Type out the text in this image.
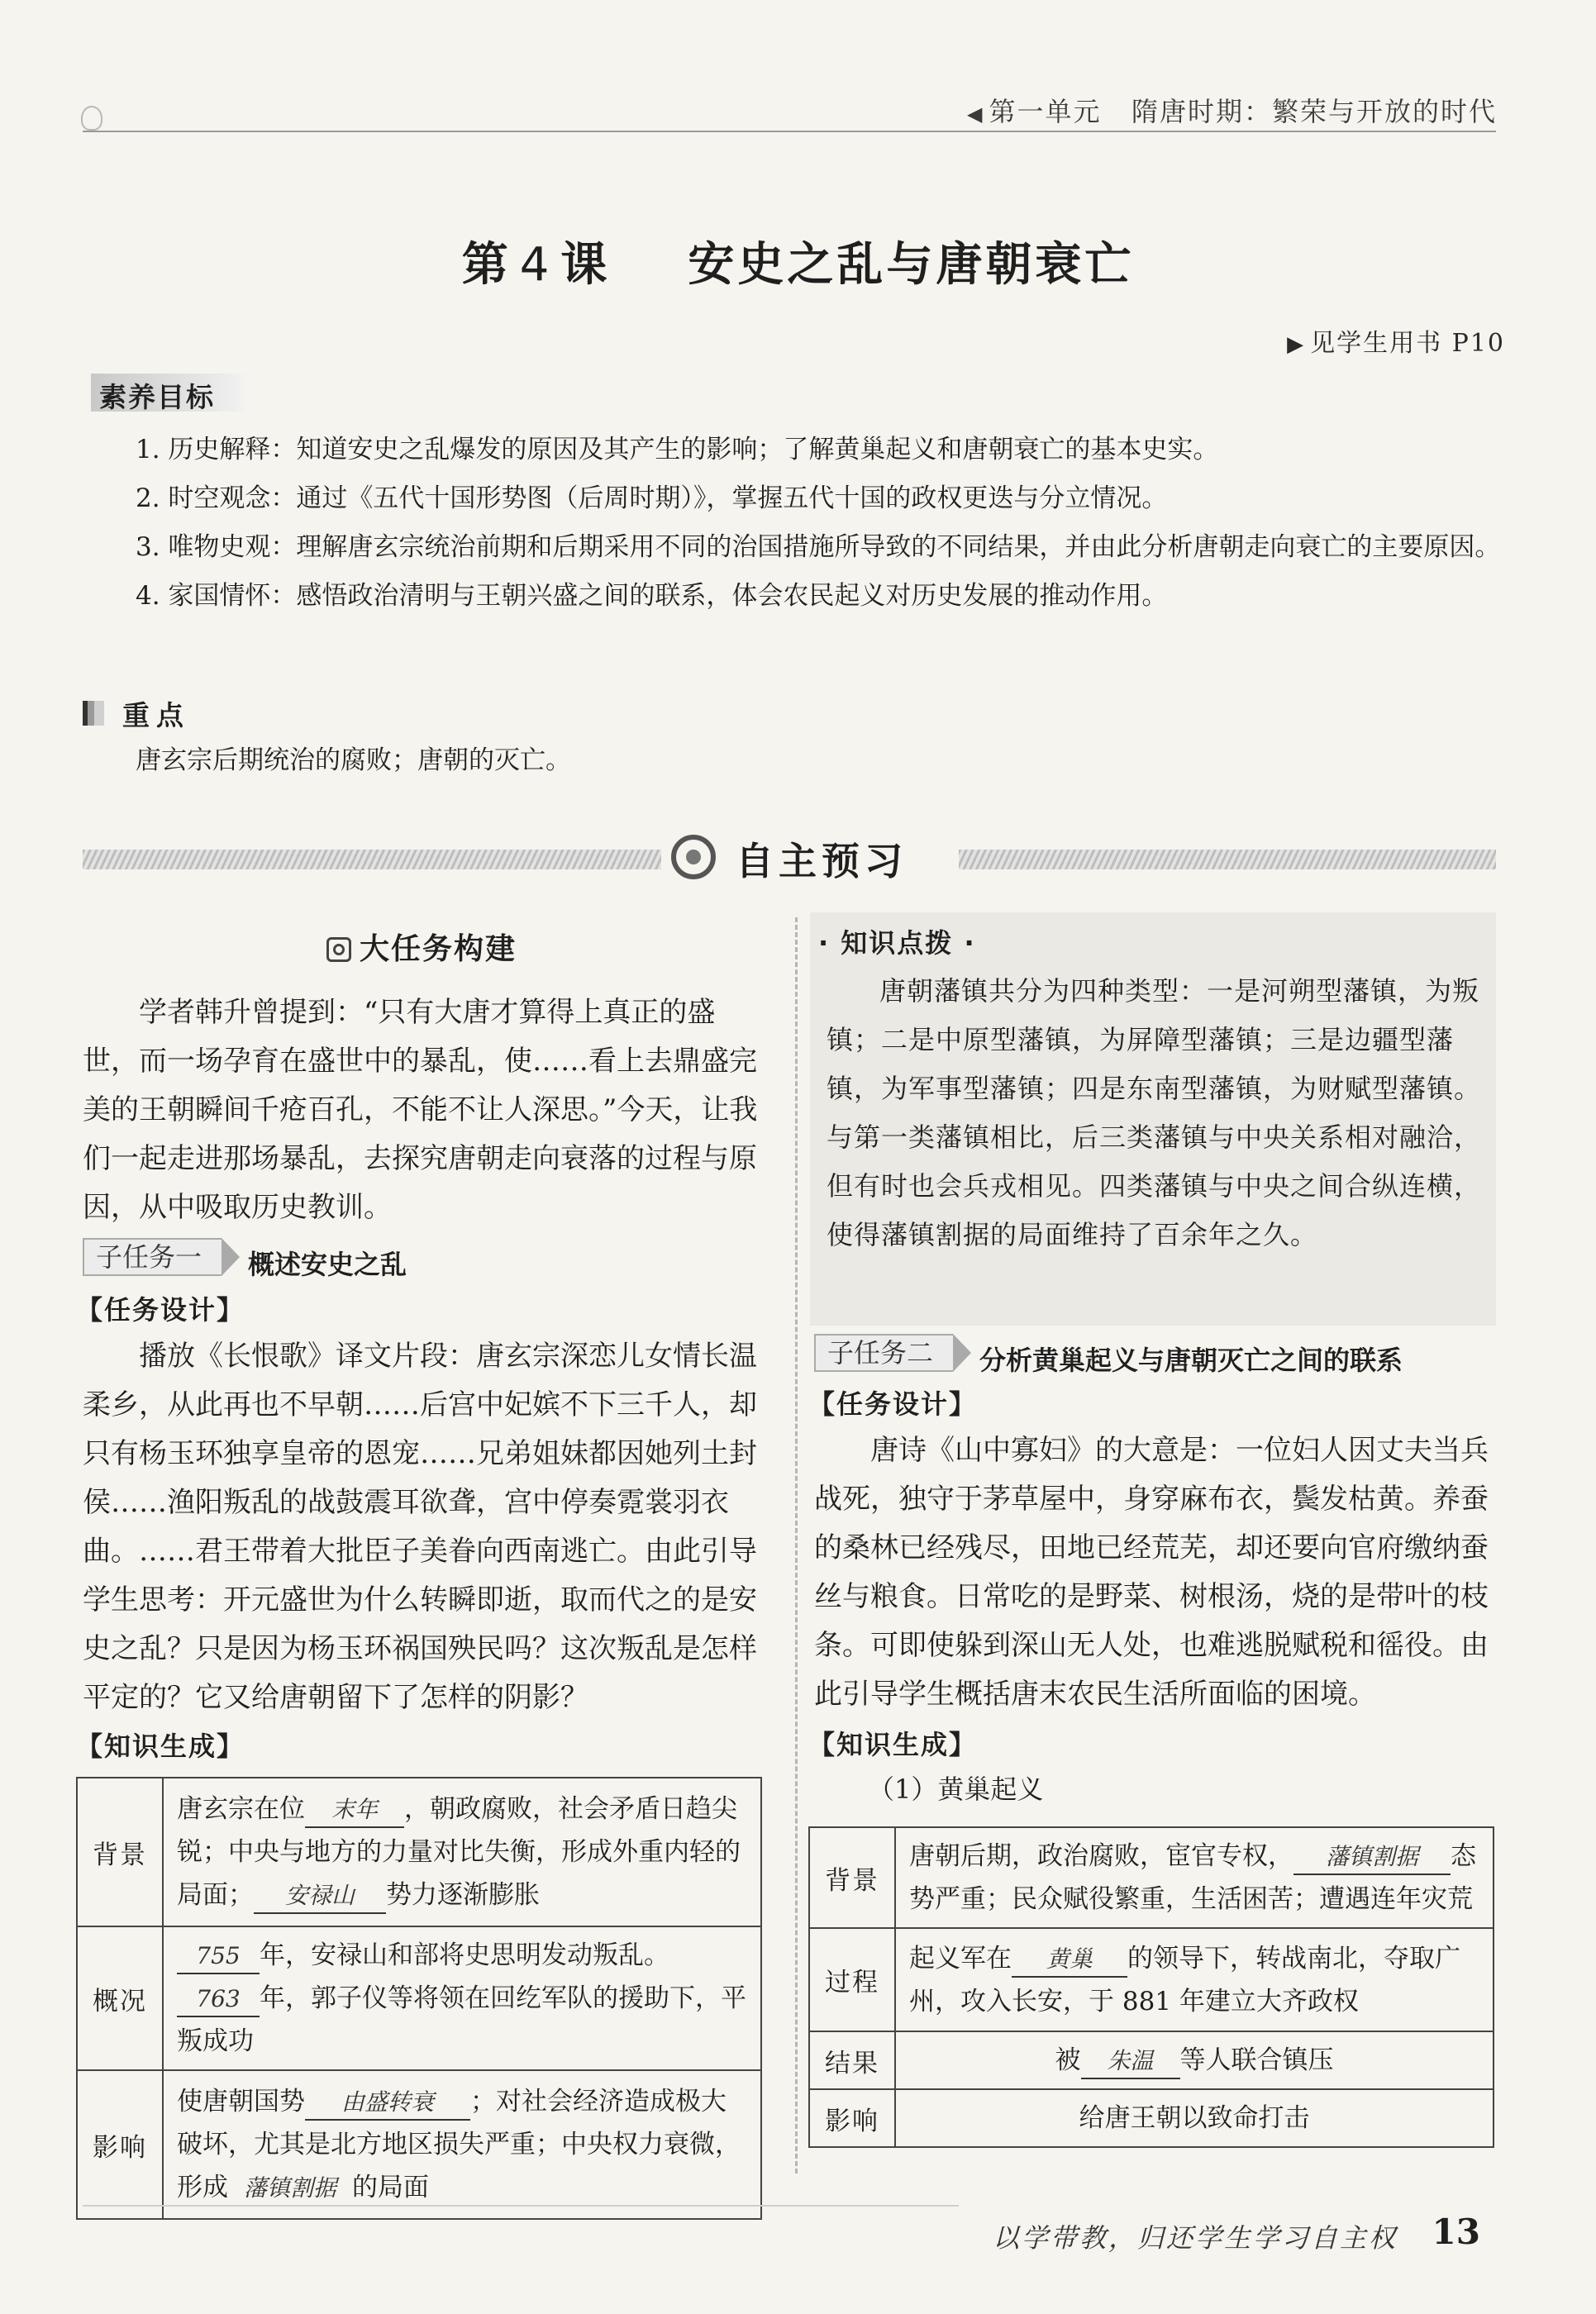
◀ 第一单元 隋唐时期：繁荣与开放的时代
第 4 课 安史之乱与唐朝衰亡
▶ 见学生用书 P10
素养目标

1. 历史解释：知道安史之乱爆发的原因及其产生的影响；了解黄巢起义和唐朝衰亡的基本史实。

2. 时空观念：通过《五代十国形势图（后周时期）》，掌握五代十国的政权更迭与分立情况。

3. 唯物史观：理解唐玄宗统治前期和后期采用不同的治国措施所导致的不同结果，并由此分析唐朝走向衰亡的主要原因。

4. 家国情怀：感悟政治清明与王朝兴盛之间的联系，体会农民起义对历史发展的推动作用。

重点
唐玄宗后期统治的腐败；唐朝的灭亡。
自主预习
大任务构建

学者韩升曾提到：“只有大唐才算得上真正的盛世，而一场孕育在盛世中的暴乱，使……看上去鼎盛完美的王朝瞬间千疮百孔，不能不让人深思。”今天，让我们一起走进那场暴乱，去探究唐朝走向衰落的过程与原因，从中吸取历史教训。

子任务一 概述安史之乱
【任务设计】

播放《长恨歌》译文片段：唐玄宗深恋儿女情长温柔乡，从此再也不早朝……后宫中妃嫔不下三千人，却只有杨玉环独享皇帝的恩宠……兄弟姐妹都因她列土封侯……渔阳叛乱的战鼓震耳欲聋，宫中停奏霓裳羽衣曲。……君王带着大批臣子美眷向西南逃亡。由此引导学生思考：开元盛世为什么转瞬即逝，取而代之的是安史之乱？只是因为杨玉环祸国殃民吗？这次叛乱是怎样平定的？它又给唐朝留下了怎样的阴影？

【知识生成】
背景	唐玄宗在位 末年 ，朝政腐败，社会矛盾日趋尖锐；中央与地方的力量对比失衡，形成外重内轻的局面； 安禄山 势力逐渐膨胀
概况	755 年，安禄山和部将史思明发动叛乱。763 年，郭子仪等将领在回纥军队的援助下，平叛成功
影响	使唐朝国势 由盛转衰 ；对社会经济造成极大破坏，尤其是北方地区损失严重；中央权力衰微，形成 藩镇割据 的局面
· 知识点拨 ·

唐朝藩镇共分为四种类型：一是河朔型藩镇，为叛镇；二是中原型藩镇，为屏障型藩镇；三是边疆型藩镇，为军事型藩镇；四是东南型藩镇，为财赋型藩镇。与第一类藩镇相比，后三类藩镇与中央关系相对融洽，但有时也会兵戎相见。四类藩镇与中央之间合纵连横，使得藩镇割据的局面维持了百余年之久。

子任务二 分析黄巢起义与唐朝灭亡之间的联系
【任务设计】

唐诗《山中寡妇》的大意是：一位妇人因丈夫当兵战死，独守于茅草屋中，身穿麻布衣，鬓发枯黄。养蚕的桑林已经残尽，田地已经荒芜，却还要向官府缴纳蚕丝与粮食。日常吃的是野菜、树根汤，烧的是带叶的枝条。可即使躲到深山无人处，也难逃脱赋税和徭役。由此引导学生概括唐末农民生活所面临的困境。

【知识生成】
（1）黄巢起义
背景	唐朝后期，政治腐败，宦官专权， 藩镇割据 态势严重；民众赋役繁重，生活困苦；遭遇连年灾荒
过程	起义军在 黄巢 的领导下，转战南北，夺取广州，攻入长安，于 881 年建立大齐政权
结果	被 朱温 等人联合镇压
影响	给唐王朝以致命打击
以学带教，归还学生学习自主权 13
